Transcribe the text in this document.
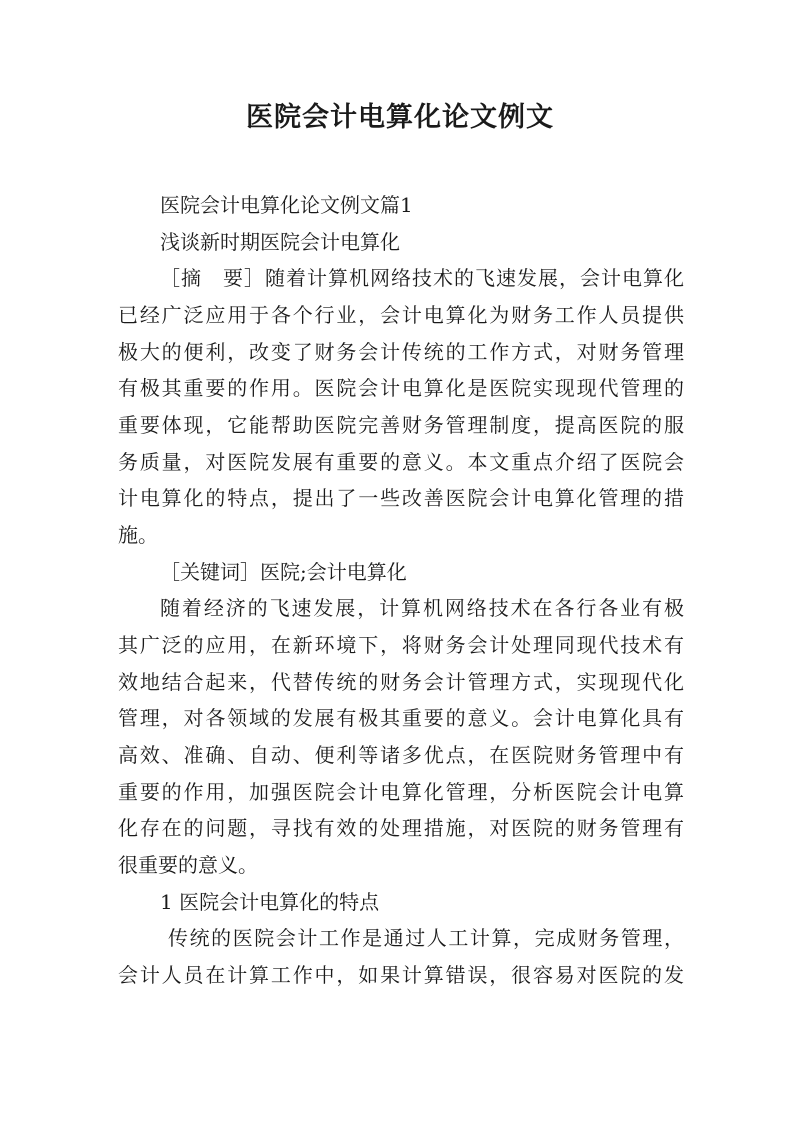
医院会计电算化论文例文
医院会计电算化论文例文篇1
浅谈新时期医院会计电算化
［摘　要］随着计算机网络技术的飞速发展，会计电算化
已经广泛应用于各个行业，会计电算化为财务工作人员提供
极大的便利，改变了财务会计传统的工作方式，对财务管理
有极其重要的作用。医院会计电算化是医院实现现代管理的
重要体现，它能帮助医院完善财务管理制度，提高医院的服
务质量，对医院发展有重要的意义。本文重点介绍了医院会
计电算化的特点，提出了一些改善医院会计电算化管理的措
施。
［关键词］医院;会计电算化
随着经济的飞速发展，计算机网络技术在各行各业有极
其广泛的应用，在新环境下，将财务会计处理同现代技术有
效地结合起来，代替传统的财务会计管理方式，实现现代化
管理，对各领域的发展有极其重要的意义。会计电算化具有
高效、准确、自动、便利等诸多优点，在医院财务管理中有
重要的作用，加强医院会计电算化管理，分析医院会计电算
化存在的问题，寻找有效的处理措施，对医院的财务管理有
很重要的意义。
1 医院会计电算化的特点
传统的医院会计工作是通过人工计算，完成财务管理，
会计人员在计算工作中，如果计算错误，很容易对医院的发
